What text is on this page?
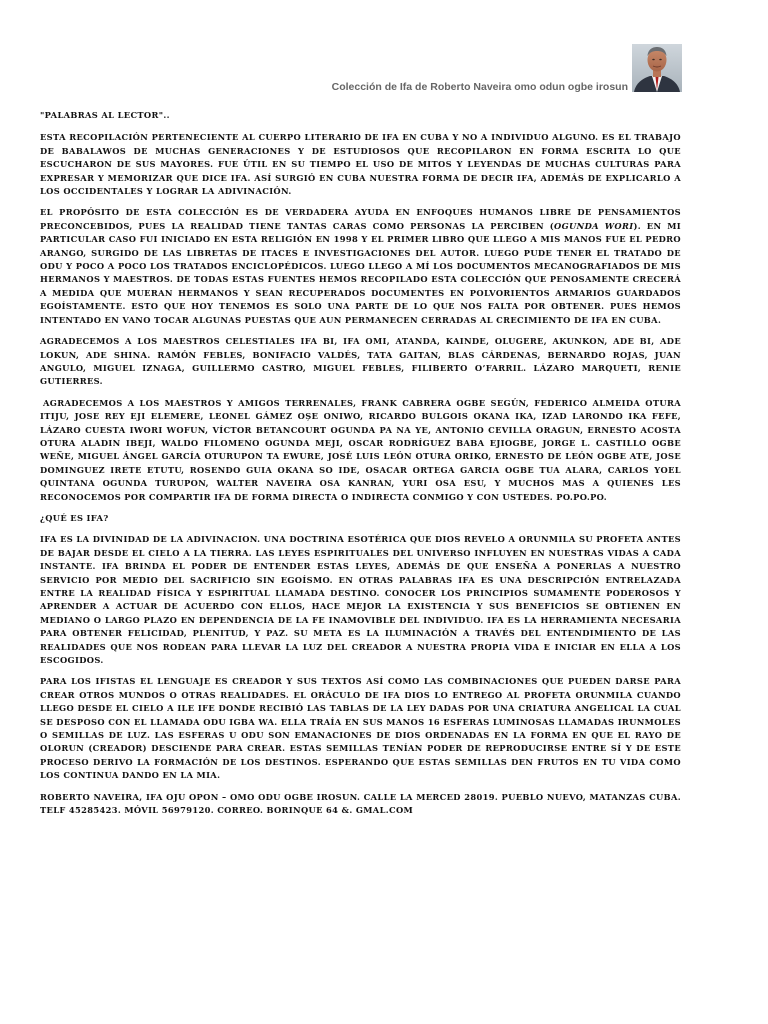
Colección de Ifa de Roberto Naveira omo odun ogbe irosun

"PALABRAS AL LECTOR"..

ESTA RECOPILACIÓN PERTENECIENTE AL CUERPO LITERARIO DE IFA EN CUBA Y NO A INDIVIDUO ALGUNO. ES EL TRABAJO DE BABALAWOS DE MUCHAS GENERACIONES Y DE ESTUDIOSOS QUE RECOPILARON EN FORMA ESCRITA LO QUE ESCUCHARON DE SUS MAYORES. FUE ÚTIL EN SU TIEMPO EL USO DE MITOS Y LEYENDAS DE MUCHAS CULTURAS PARA EXPRESAR Y MEMORIZAR QUE DICE IFA. ASÍ SURGIÓ EN CUBA NUESTRA FORMA DE DECIR IFA, ADEMÁS DE EXPLICARLO A LOS OCCIDENTALES Y LOGRAR LA ADIVINACIÓN.

EL PROPÓSITO DE ESTA COLECCIÓN ES DE VERDADERA AYUDA EN ENFOQUES HUMANOS LIBRE DE PENSAMIENTOS PRECONCEBIDOS, PUES LA REALIDAD TIENE TANTAS CARAS COMO PERSONAS LA PERCIBEN (OGUNDA WORI). EN MI PARTICULAR CASO FUI INICIADO EN ESTA RELIGIÓN EN 1998 Y EL PRIMER LIBRO QUE LLEGO A MIS MANOS FUE EL PEDRO ARANGO, SURGIDO DE LAS LIBRETAS DE ITACES E INVESTIGACIONES DEL AUTOR. LUEGO PUDE TENER EL TRATADO DE ODU Y POCO A POCO LOS TRATADOS ENCICLOPÉDICOS. LUEGO LLEGO A MÍ LOS DOCUMENTOS MECANOGRAFIADOS DE MIS HERMANOS Y MAESTROS. DE TODAS ESTAS FUENTES HEMOS RECOPILADO ESTA COLECCIÓN QUE PENOSAMENTE CRECERÁ A MEDIDA QUE MUERAN HERMANOS Y SEAN RECUPERADOS DOCUMENTES EN POLVORIENTOS ARMARIOS GUARDADOS EGOÍSTAMENTE. ESTO QUE HOY TENEMOS ES SOLO UNA PARTE DE LO QUE NOS FALTA POR OBTENER. PUES HEMOS INTENTADO EN VANO TOCAR ALGUNAS PUESTAS QUE AUN PERMANECEN CERRADAS AL CRECIMIENTO DE IFA EN CUBA.

AGRADECEMOS A LOS MAESTROS CELESTIALES IFA BI, IFA OMI, ATANDA, KAINDE, OLUGERE, AKUNKON, ADE BI, ADE LOKUN, ADE SHINA. RAMÓN FEBLES, BONIFACIO VALDÉS, TATA GAITAN, BLAS CÁRDENAS, BERNARDO ROJAS, JUAN ANGULO, MIGUEL IZNAGA, GUILLERMO CASTRO, MIGUEL FEBLES, FILIBERTO O’FARRIL. LÁZARO MARQUETI, RENIE GUTIERRES.

AGRADECEMOS A LOS MAESTROS Y AMIGOS TERRENALES, FRANK CABRERA OGBE SEGÚN, FEDERICO ALMEIDA OTURA ITIJU, JOSE REY EJI ELEMERE, LEONEL GÁMEZ OȘE ONIWO, RICARDO BULGOIS OKANA IKA, IZAD LARONDO IKA FEFE, LÁZARO CUESTA IWORI WOFUN, VÍCTOR BETANCOURT OGUNDA PA NA YE, ANTONIO CEVILLA ORAGUN, ERNESTO ACOSTA OTURA ALADIN IBEJI, WALDO FILOMENO OGUNDA MEJI, OSCAR RODRÍGUEZ BABA EJIOGBE, JORGE L. CASTILLO OGBE WEÑE, MIGUEL ÁNGEL GARCÍA OTURUPON TA EWURE, JOSÉ LUIS LEÓN OTURA ORIKO, ERNESTO DE LEÓN OGBE ATE, JOSE DOMINGUEZ IRETE ETUTU, ROSENDO GUIA OKANA SO IDE, OSACAR ORTEGA GARCIA OGBE TUA ALARA, CARLOS YOEL QUINTANA OGUNDA TURUPON, WALTER NAVEIRA OSA KANRAN, YURI OSA ESU, Y MUCHOS MAS A QUIENES LES RECONOCEMOS POR COMPARTIR IFA DE FORMA DIRECTA O INDIRECTA CONMIGO Y CON USTEDES. PO.PO.PO.

¿QUÉ ES IFA?

IFA ES LA DIVINIDAD DE LA ADIVINACION. UNA DOCTRINA ESOTÉRICA QUE DIOS REVELO A ORUNMILA SU PROFETA ANTES DE BAJAR DESDE EL CIELO A LA TIERRA. LAS LEYES ESPIRITUALES DEL UNIVERSO INFLUYEN EN NUESTRAS VIDAS A CADA INSTANTE. IFA BRINDA EL PODER DE ENTENDER ESTAS LEYES, ADEMÁS DE QUE ENSEÑA A PONERLAS A NUESTRO SERVICIO POR MEDIO DEL SACRIFICIO SIN EGOÍSMO. EN OTRAS PALABRAS IFA ES UNA DESCRIPCIÓN ENTRELAZADA ENTRE LA REALIDAD FÍSICA Y ESPIRITUAL LLAMADA DESTINO. CONOCER LOS PRINCIPIOS SUMAMENTE PODEROSOS Y APRENDER A ACTUAR DE ACUERDO CON ELLOS, HACE MEJOR LA EXISTENCIA Y SUS BENEFICIOS SE OBTIENEN EN MEDIANO O LARGO PLAZO EN DEPENDENCIA DE LA FE INAMOVIBLE DEL INDIVIDUO. IFA ES LA HERRAMIENTA NECESARIA PARA OBTENER FELICIDAD, PLENITUD, Y PAZ. SU META ES LA ILUMINACIÓN A TRAVÉS DEL ENTENDIMIENTO DE LAS REALIDADES QUE NOS RODEAN PARA LLEVAR LA LUZ DEL CREADOR A NUESTRA PROPIA VIDA E INICIAR EN ELLA A LOS ESCOGIDOS.

PARA LOS IFISTAS EL LENGUAJE ES CREADOR Y SUS TEXTOS ASÍ COMO LAS COMBINACIONES QUE PUEDEN DARSE PARA CREAR OTROS MUNDOS O OTRAS REALIDADES. EL ORÁCULO DE IFA DIOS LO ENTREGO AL PROFETA ORUNMILA CUANDO LLEGO DESDE EL CIELO A ILE IFE DONDE RECIBIÓ LAS TABLAS DE LA LEY DADAS POR UNA CRIATURA ANGELICAL LA CUAL SE DESPOSO CON EL LLAMADA ODU IGBA WA. ELLA TRAÍA EN SUS MANOS 16 ESFERAS LUMINOSAS LLAMADAS IRUNMOLES O SEMILLAS DE LUZ. LAS ESFERAS U ODU SON EMANACIONES DE DIOS ORDENADAS EN LA FORMA EN QUE EL RAYO DE OLORUN (CREADOR) DESCIENDE PARA CREAR. ESTAS SEMILLAS TENÍAN PODER DE REPRODUCIRSE ENTRE SÍ Y DE ESTE PROCESO DERIVO LA FORMACIÓN DE LOS DESTINOS. ESPERANDO QUE ESTAS SEMILLAS DEN FRUTOS EN TU VIDA COMO LOS CONTINUA DANDO EN LA MIA.

ROBERTO NAVEIRA, IFA OJU OPON – OMO ODU OGBE IROSUN. CALLE LA MERCED 28019. PUEBLO NUEVO, MATANZAS CUBA. TELF 45285423. MÓVIL 56979120. CORREO. BORINQUE 64 &. GMAL.COM
